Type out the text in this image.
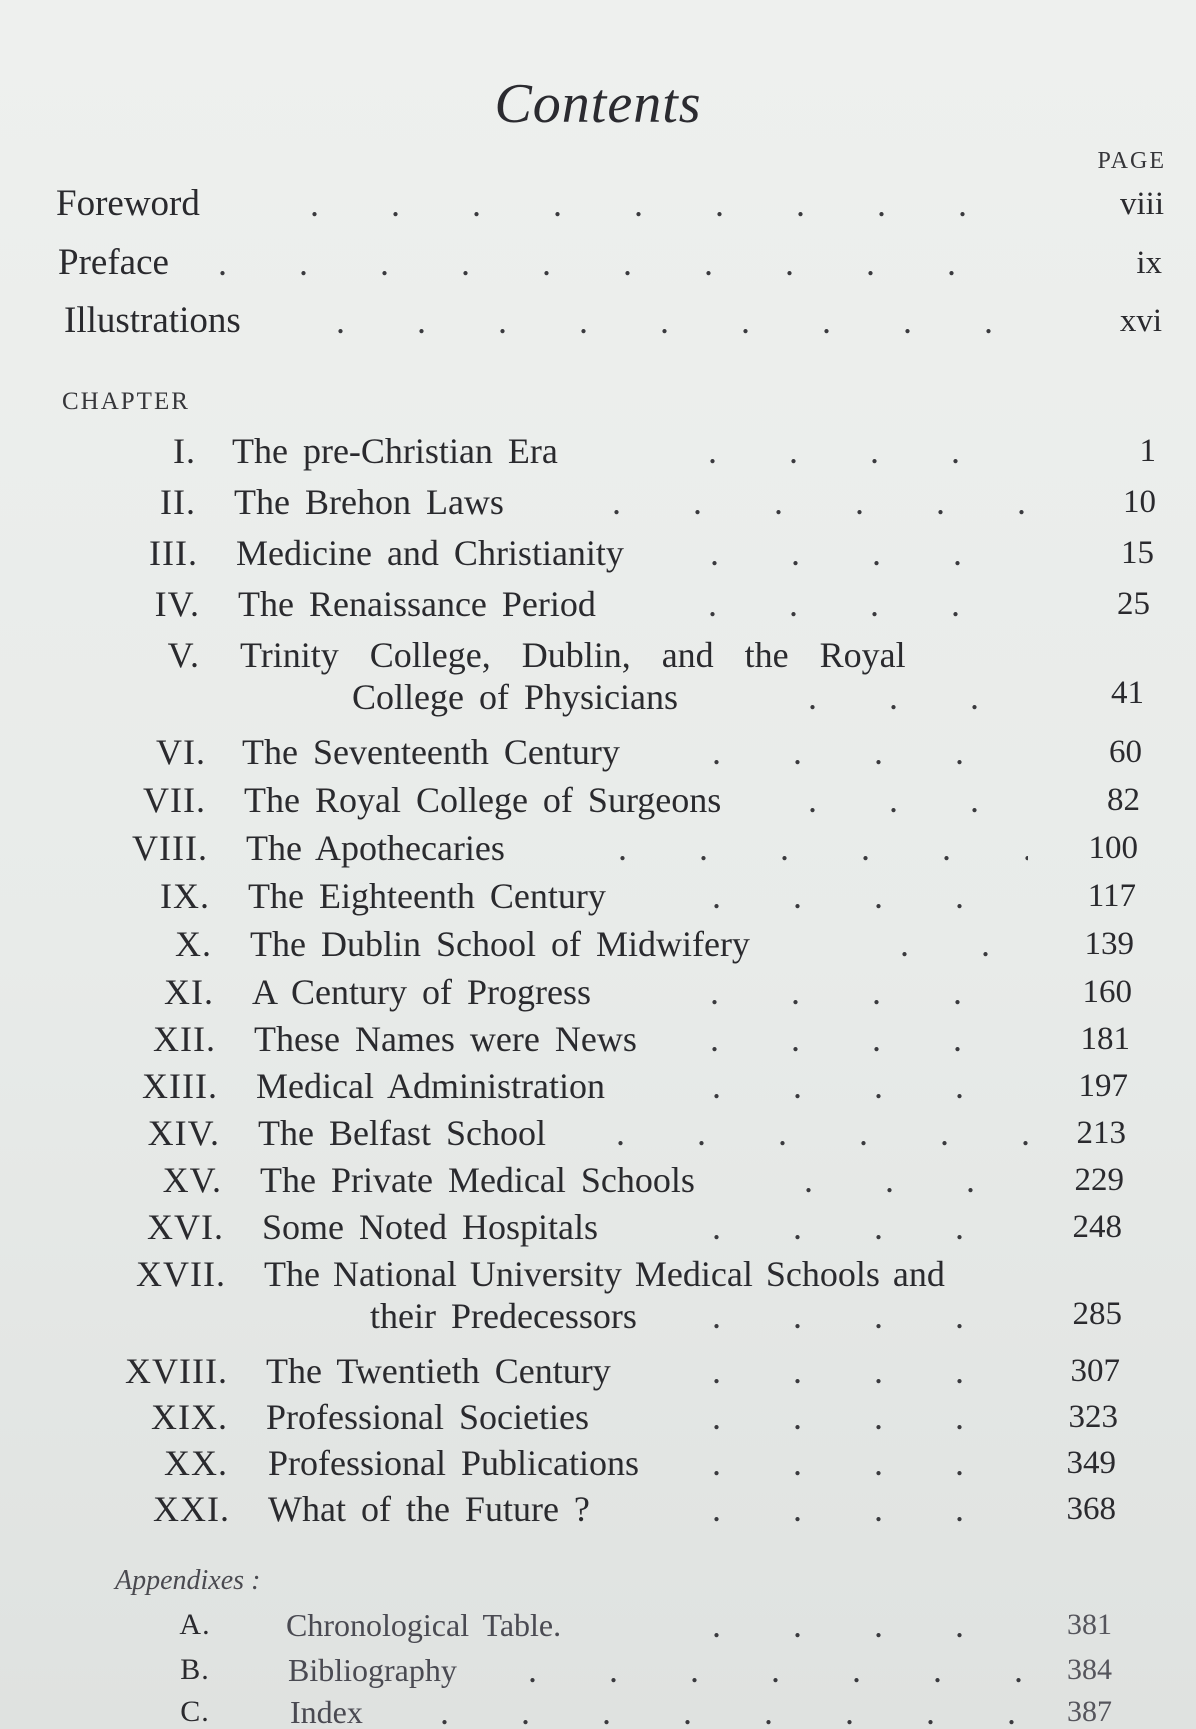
Contents
PAGE
Foreword .	viii
Preface .	ix
Illustrations .	xvi
CHAPTER
I. The pre-Christian Era .	1
II. The Brehon Laws .	10
III. Medicine and Christianity .	15
IV. The Renaissance Period .	25
V. Trinity College, Dublin, and the Royal
College of Physicians .	41
VI. The Seventeenth Century .	60
VII. The Royal College of Surgeons .	82
VIII. The Apothecaries .	100
IX. The Eighteenth Century .	117
X. The Dublin School of Midwifery .	139
XI. A Century of Progress .	160
XII. These Names were News .	181
XIII. Medical Administration .	197
XIV. The Belfast School .	213
XV. The Private Medical Schools .	229
XVI. Some Noted Hospitals .	248
XVII. The National University Medical Schools and
their Predecessors .	285
XVIII. The Twentieth Century .	307
XIX. Professional Societies .	323
XX. Professional Publications .	349
XXI. What of the Future ? .	368
Appendixes :
A.	Chronological Table. .	381
B.	Bibliography .	384
C.	Index .	387
